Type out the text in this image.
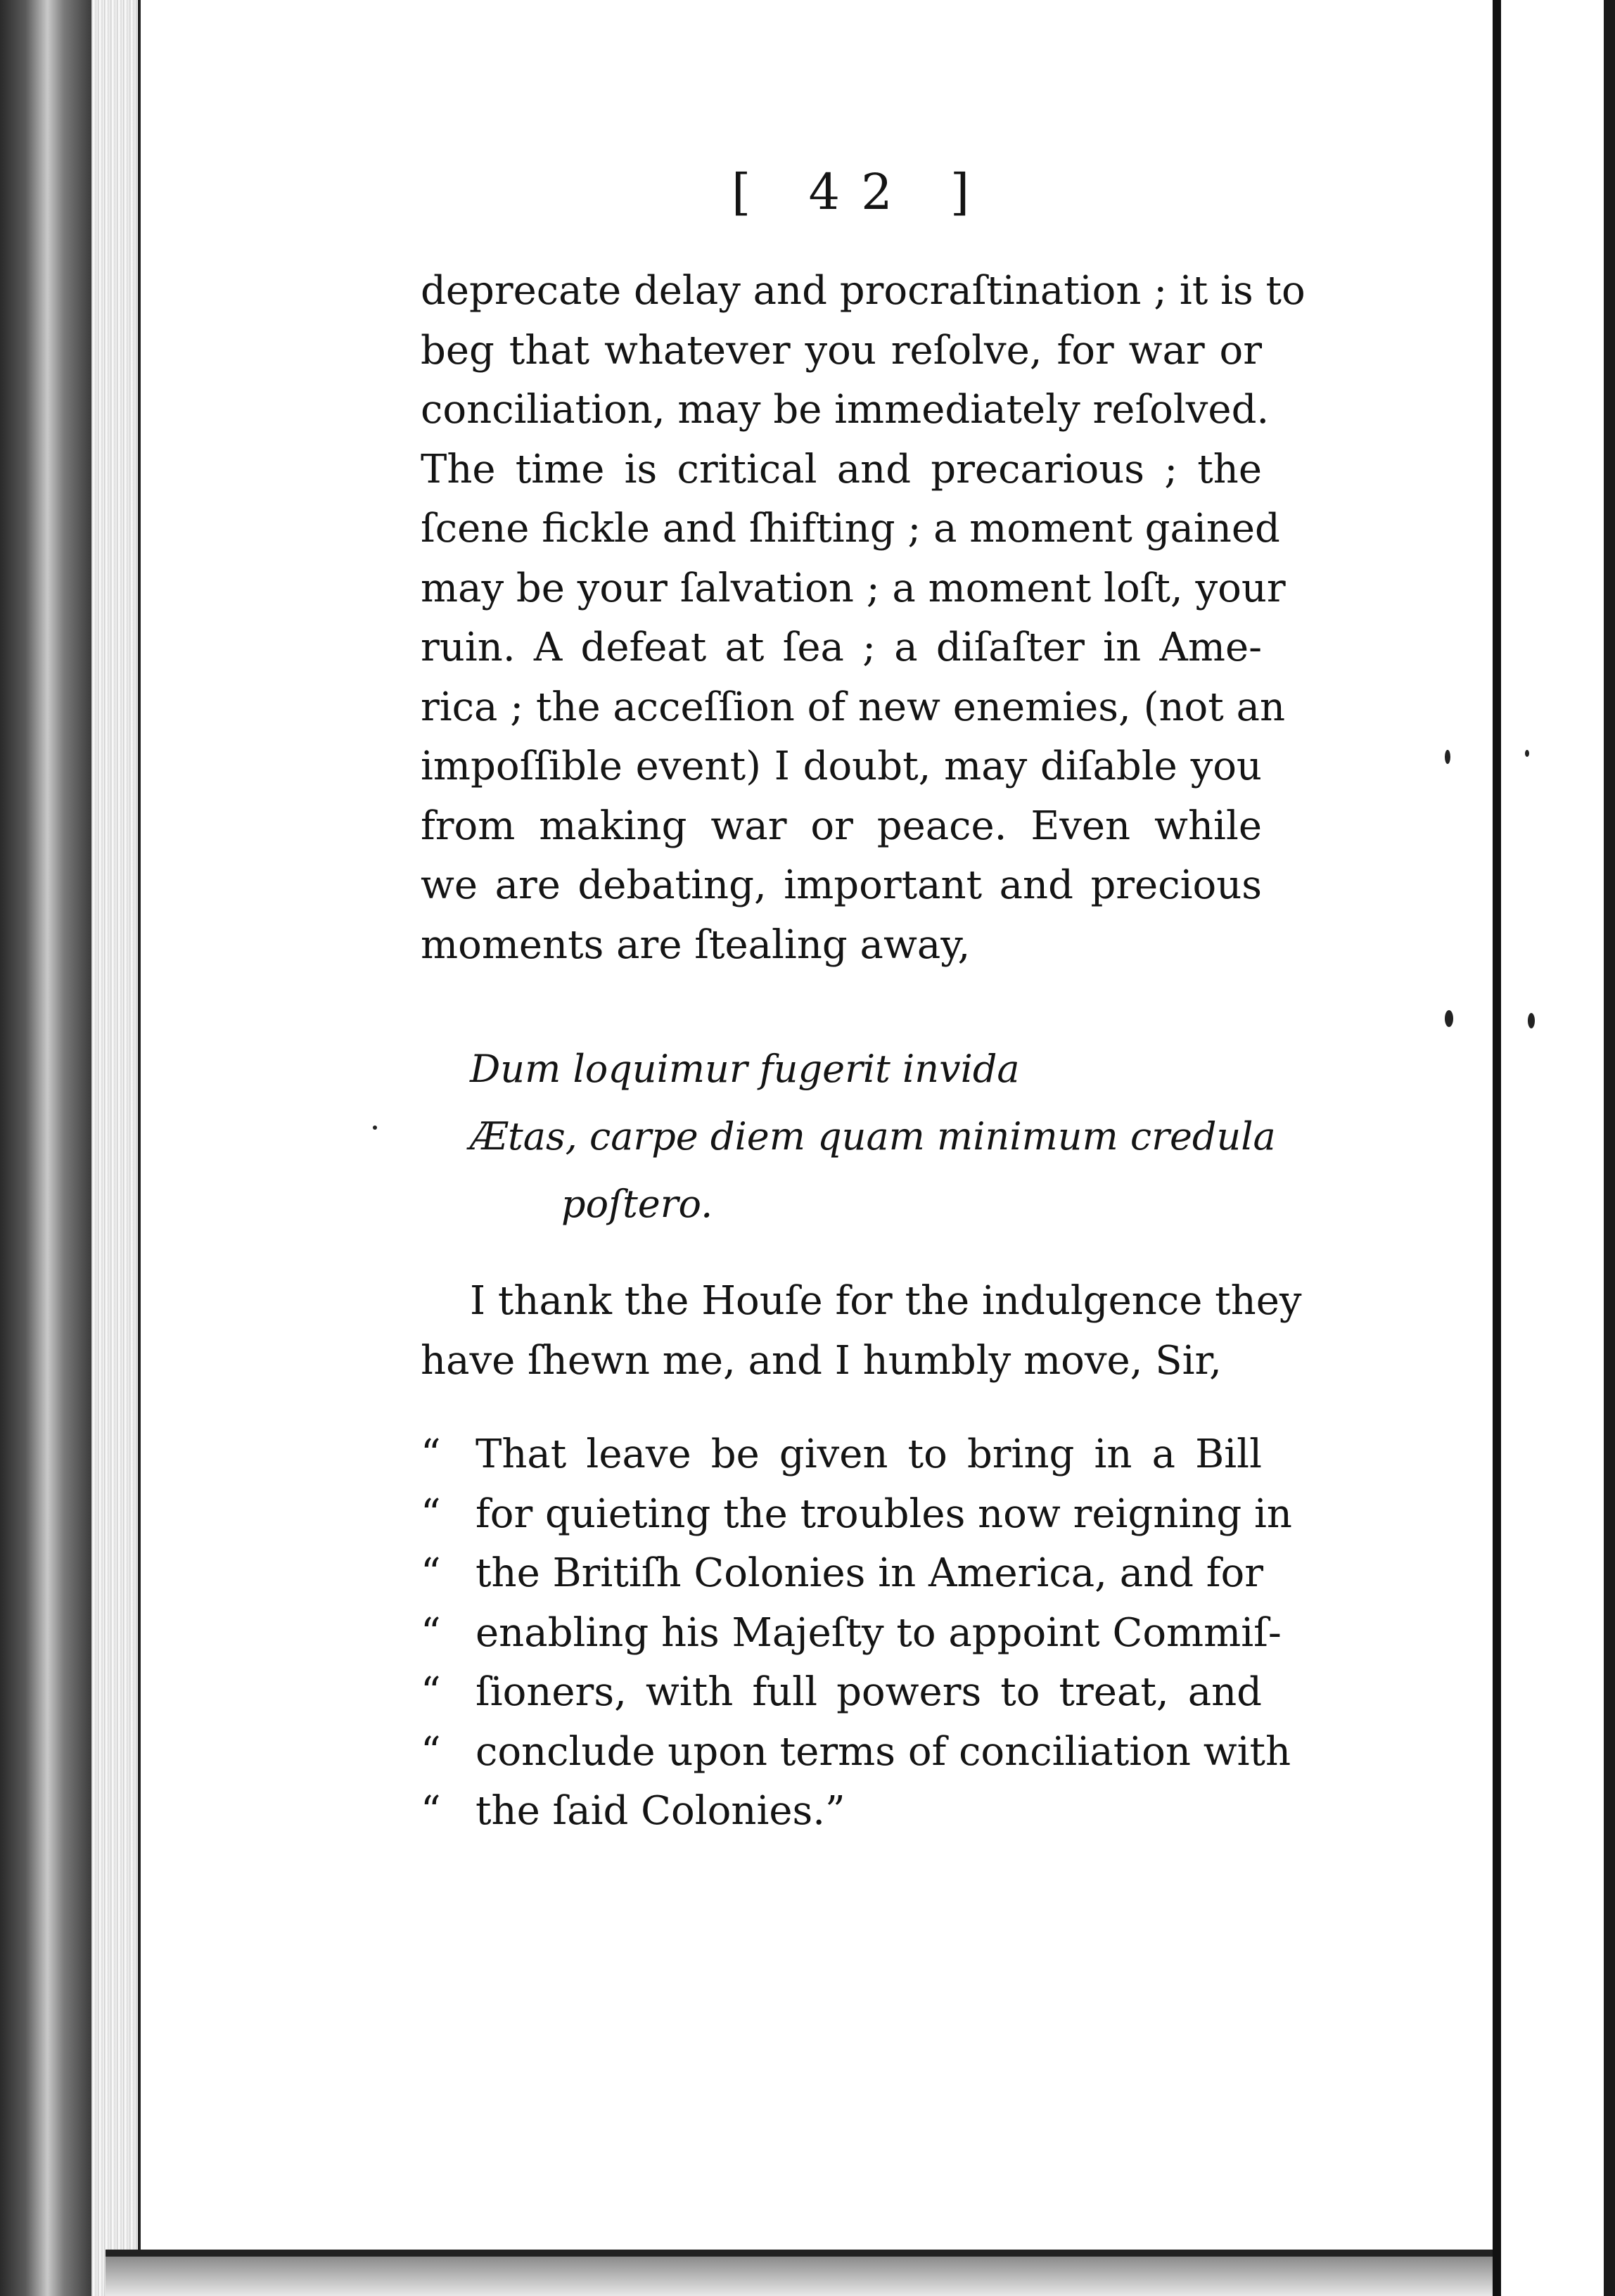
[ 42 ]
deprecate delay and procraſtination ; it is to
beg that whatever you reſolve, for war or
conciliation, may be immediately reſolved.
The time is critical and precarious ; the
ſcene fickle and ſhifting ; a moment gained
may be your ſalvation ; a moment loſt, your
ruin. A defeat at ſea ; a diſaſter in Ame-
rica ; the acceſſion of new enemies, (not an
impoſſible event) I doubt, may diſable you
from making war or peace. Even while
we are debating, important and precious
moments are ſtealing away,
Dum loquimur fugerit invida
Ætas, carpe diem quam minimum credula
poſtero.
I thank the Houſe for the indulgence they
have ſhewn me, and I humbly move, Sir,
“ That leave be given to bring in a Bill
“ for quieting the troubles now reigning in
“ the Britiſh Colonies in America, and for
“ enabling his Majeſty to appoint Commiſ-
“ ſioners, with full powers to treat, and
“ conclude upon terms of conciliation with
“ the ſaid Colonies.”
